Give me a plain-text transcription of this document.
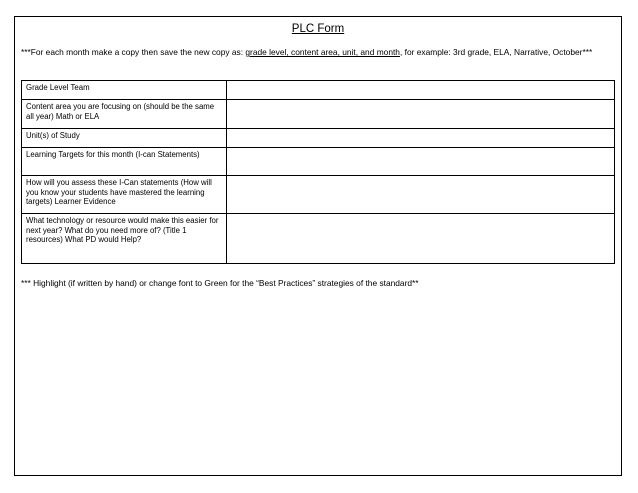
PLC Form
***For each month make a copy then save the new copy as: grade level, content area, unit, and month, for example: 3rd grade, ELA, Narrative, October***
Grade Level Team	
Content area you are focusing on (should be the same all year) Math or ELA	
Unit(s) of Study	
Learning Targets for this month (I-can Statements)	
How will you assess these I-Can statements (How will you know your students have mastered the learning targets) Learner Evidence	
What technology or resource would make this easier for next year? What do you need more of? (Title 1 resources) What PD would Help?	
*** Highlight (if written by hand) or change font to Green for the “Best Practices” strategies of the standard**
